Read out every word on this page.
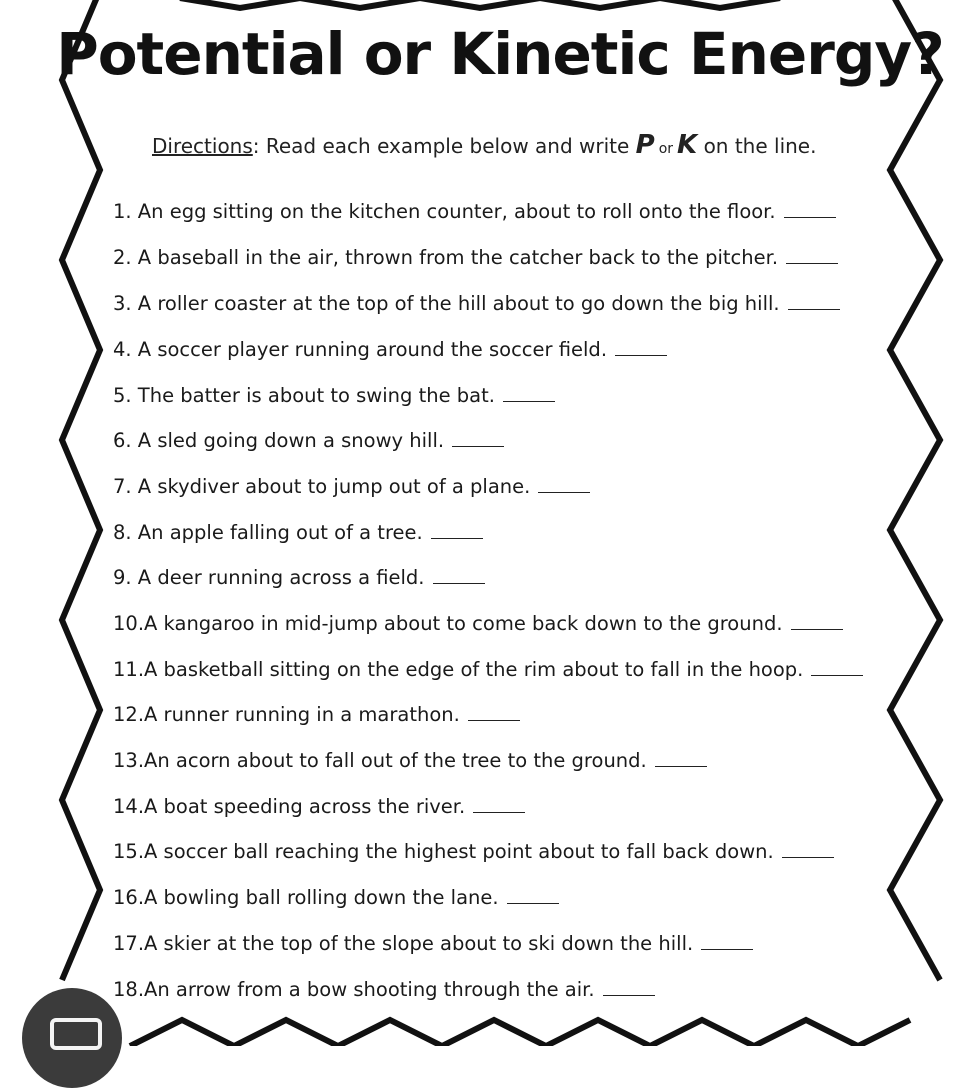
Potential or Kinetic Energy?
Directions: Read each example below and write P or K on the line.
1. An egg sitting on the kitchen counter, about to roll onto the floor.
2. A baseball in the air, thrown from the catcher back to the pitcher.
3. A roller coaster at the top of the hill about to go down the big hill.
4. A soccer player running around the soccer field.
5. The batter is about to swing the bat.
6. A sled going down a snowy hill.
7. A skydiver about to jump out of a plane.
8. An apple falling out of a tree.
9. A deer running across a field.
10.A kangaroo in mid-jump about to come back down to the ground.
11.A basketball sitting on the edge of the rim about to fall in the hoop.
12.A runner running in a marathon.
13.An acorn about to fall out of the tree to the ground.
14.A boat speeding across the river.
15.A soccer ball reaching the highest point about to fall back down.
16.A bowling ball rolling down the lane.
17.A skier at the top of the slope about to ski down the hill.
18.An arrow from a bow shooting through the air.
